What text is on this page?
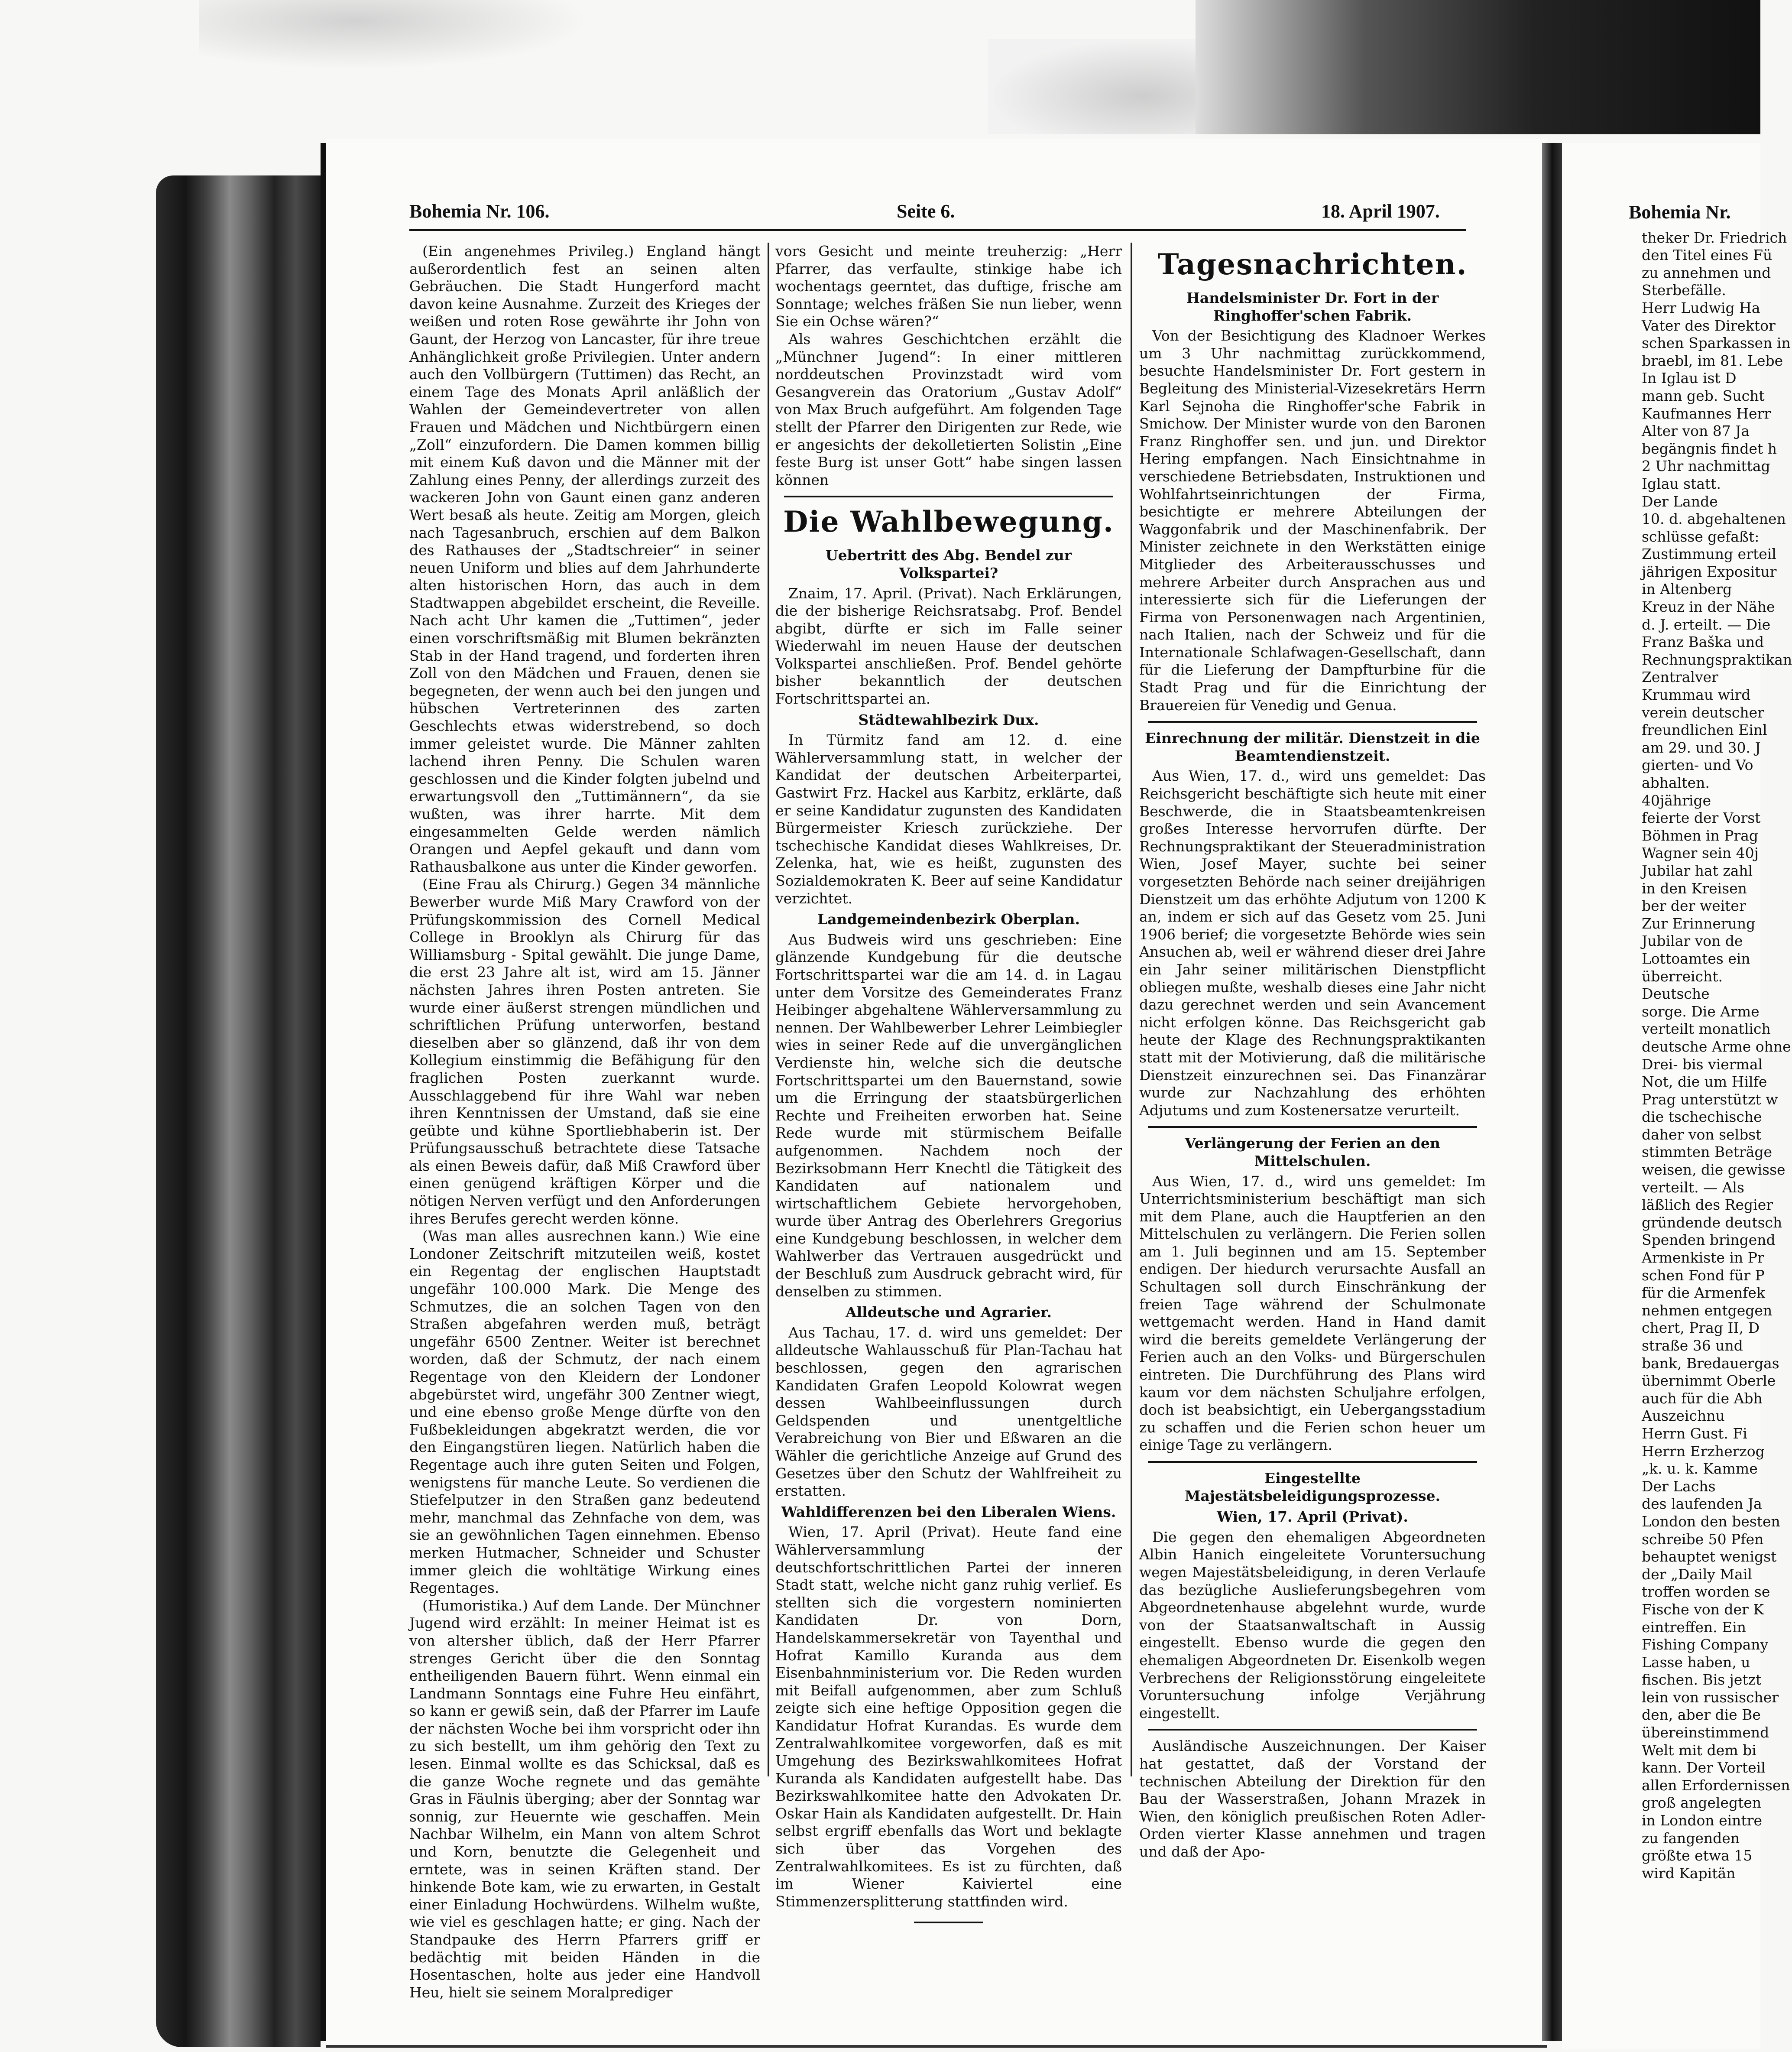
Bohemia Nr. 106.	Seite 6.	18. April 1907.

(Ein angenehmes Privileg.) England hängt außerordentlich fest an seinen alten Gebräuchen. Die Stadt Hungerford macht davon keine Ausnahme. Zurzeit des Krieges der weißen und roten Rose gewährte ihr John von Gaunt, der Herzog von Lancaster, für ihre treue Anhänglichkeit große Privilegien. Unter andern auch den Vollbürgern (Tuttimen) das Recht, an einem Tage des Monats April anläßlich der Wahlen der Gemeindevertreter von allen Frauen und Mädchen und Nichtbürgern einen „Zoll“ einzufordern. Die Damen kommen billig mit einem Kuß davon und die Männer mit der Zahlung eines Penny, der allerdings zurzeit des wackeren John von Gaunt einen ganz anderen Wert besaß als heute. Zeitig am Morgen, gleich nach Tagesanbruch, erschien auf dem Balkon des Rathauses der „Stadtschreier“ in seiner neuen Uniform und blies auf dem Jahrhunderte alten historischen Horn, das auch in dem Stadtwappen abgebildet erscheint, die Reveille. Nach acht Uhr kamen die „Tuttimen“, jeder einen vorschriftsmäßig mit Blumen bekränzten Stab in der Hand tragend, und forderten ihren Zoll von den Mädchen und Frauen, denen sie begegneten, der wenn auch bei den jungen und hübschen Vertreterinnen des zarten Geschlechts etwas widerstrebend, so doch immer geleistet wurde. Die Männer zahlten lachend ihren Penny. Die Schulen waren geschlossen und die Kinder folgten jubelnd und erwartungsvoll den „Tuttimännern“, da sie wußten, was ihrer harrte. Mit dem eingesammelten Gelde werden nämlich Orangen und Aepfel gekauft und dann vom Rathausbalkone aus unter die Kinder geworfen.

(Eine Frau als Chirurg.) Gegen 34 männliche Bewerber wurde Miß Mary Crawford von der Prüfungskommission des Cornell Medical College in Brooklyn als Chirurg für das Williamsburg - Spital gewählt. Die junge Dame, die erst 23 Jahre alt ist, wird am 15. Jänner nächsten Jahres ihren Posten antreten. Sie wurde einer äußerst strengen mündlichen und schriftlichen Prüfung unterworfen, bestand dieselben aber so glänzend, daß ihr von dem Kollegium einstimmig die Befähigung für den fraglichen Posten zuerkannt wurde. Ausschlaggebend für ihre Wahl war neben ihren Kenntnissen der Umstand, daß sie eine geübte und kühne Sportliebhaberin ist. Der Prüfungsausschuß betrachtete diese Tatsache als einen Beweis dafür, daß Miß Crawford über einen genügend kräftigen Körper und die nötigen Nerven verfügt und den Anforderungen ihres Berufes gerecht werden könne.

(Was man alles ausrechnen kann.) Wie eine Londoner Zeitschrift mitzuteilen weiß, kostet ein Regentag der englischen Hauptstadt ungefähr 100.000 Mark. Die Menge des Schmutzes, die an solchen Tagen von den Straßen abgefahren werden muß, beträgt ungefähr 6500 Zentner. Weiter ist berechnet worden, daß der Schmutz, der nach einem Regentage von den Kleidern der Londoner abgebürstet wird, ungefähr 300 Zentner wiegt, und eine ebenso große Menge dürfte von den Fußbekleidungen abgekratzt werden, die vor den Eingangstüren liegen. Natürlich haben die Regentage auch ihre guten Seiten und Folgen, wenigstens für manche Leute. So verdienen die Stiefelputzer in den Straßen ganz bedeutend mehr, manchmal das Zehnfache von dem, was sie an gewöhnlichen Tagen einnehmen. Ebenso merken Hutmacher, Schneider und Schuster immer gleich die wohltätige Wirkung eines Regentages.

(Humoristika.) Auf dem Lande. Der Münchner Jugend wird erzählt: In meiner Heimat ist es von altersher üblich, daß der Herr Pfarrer strenges Gericht über die den Sonntag entheiligenden Bauern führt. Wenn einmal ein Landmann Sonntags eine Fuhre Heu einfährt, so kann er gewiß sein, daß der Pfarrer im Laufe der nächsten Woche bei ihm vorspricht oder ihn zu sich bestellt, um ihm gehörig den Text zu lesen. Einmal wollte es das Schicksal, daß es die ganze Woche regnete und das gemähte Gras in Fäulnis überging; aber der Sonntag war sonnig, zur Heuernte wie geschaffen. Mein Nachbar Wilhelm, ein Mann von altem Schrot und Korn, benutzte die Gelegenheit und erntete, was in seinen Kräften stand. Der hinkende Bote kam, wie zu erwarten, in Gestalt einer Einladung Hochwürdens. Wilhelm wußte, wie viel es geschlagen hatte; er ging. Nach der Standpauke des Herrn Pfarrers griff er bedächtig mit beiden Händen in die Hosentaschen, holte aus jeder eine Handvoll Heu, hielt sie seinem Moralprediger

vors Gesicht und meinte treuherzig: „Herr Pfarrer, das verfaulte, stinkige habe ich wochentags geerntet, das duftige, frische am Sonntage; welches fräßen Sie nun lieber, wenn Sie ein Ochse wären?“

Als wahres Geschichtchen erzählt die „Münchner Jugend“: In einer mittleren norddeutschen Provinzstadt wird vom Gesangverein das Oratorium „Gustav Adolf“ von Max Bruch aufgeführt. Am folgenden Tage stellt der Pfarrer den Dirigenten zur Rede, wie er angesichts der dekolletierten Solistin „Eine feste Burg ist unser Gott“ habe singen lassen können

Die Wahlbewegung.
Uebertritt des Abg. Bendel zur Volkspartei?

Znaim, 17. April. (Privat). Nach Erklärungen, die der bisherige Reichsratsabg. Prof. Bendel abgibt, dürfte er sich im Falle seiner Wiederwahl im neuen Hause der deutschen Volkspartei anschließen. Prof. Bendel gehörte bisher bekanntlich der deutschen Fortschrittspartei an.

Städtewahlbezirk Dux.

In Türmitz fand am 12. d. eine Wählerversammlung statt, in welcher der Kandidat der deutschen Arbeiterpartei, Gastwirt Frz. Hackel aus Karbitz, erklärte, daß er seine Kandidatur zugunsten des Kandidaten Bürgermeister Kriesch zurückziehe. Der tschechische Kandidat dieses Wahlkreises, Dr. Zelenka, hat, wie es heißt, zugunsten des Sozialdemokraten K. Beer auf seine Kandidatur verzichtet.

Landgemeindenbezirk Oberplan.

Aus Budweis wird uns geschrieben: Eine glänzende Kundgebung für die deutsche Fortschrittspartei war die am 14. d. in Lagau unter dem Vorsitze des Gemeinderates Franz Heibinger abgehaltene Wählerversammlung zu nennen. Der Wahlbewerber Lehrer Leimbiegler wies in seiner Rede auf die unvergänglichen Verdienste hin, welche sich die deutsche Fortschrittspartei um den Bauernstand, sowie um die Erringung der staatsbürgerlichen Rechte und Freiheiten erworben hat. Seine Rede wurde mit stürmischem Beifalle aufgenommen. Nachdem noch der Bezirksobmann Herr Knechtl die Tätigkeit des Kandidaten auf nationalem und wirtschaftlichem Gebiete hervorgehoben, wurde über Antrag des Oberlehrers Gregorius eine Kundgebung beschlossen, in welcher dem Wahlwerber das Vertrauen ausgedrückt und der Beschluß zum Ausdruck gebracht wird, für denselben zu stimmen.

Alldeutsche und Agrarier.

Aus Tachau, 17. d. wird uns gemeldet: Der alldeutsche Wahlausschuß für Plan-Tachau hat beschlossen, gegen den agrarischen Kandidaten Grafen Leopold Kolowrat wegen dessen Wahlbeeinflussungen durch Geldspenden und unentgeltliche Verabreichung von Bier und Eßwaren an die Wähler die gerichtliche Anzeige auf Grund des Gesetzes über den Schutz der Wahlfreiheit zu erstatten.

Wahldifferenzen bei den Liberalen Wiens.

Wien, 17. April (Privat). Heute fand eine Wählerversammlung der deutschfortschrittlichen Partei der inneren Stadt statt, welche nicht ganz ruhig verlief. Es stellten sich die vorgestern nominierten Kandidaten Dr. von Dorn, Handelskammersekretär von Tayenthal und Hofrat Kamillo Kuranda aus dem Eisenbahnministerium vor. Die Reden wurden mit Beifall aufgenommen, aber zum Schluß zeigte sich eine heftige Opposition gegen die Kandidatur Hofrat Kurandas. Es wurde dem Zentralwahlkomitee vorgeworfen, daß es mit Umgehung des Bezirkswahlkomitees Hofrat Kuranda als Kandidaten aufgestellt habe. Das Bezirkswahlkomitee hatte den Advokaten Dr. Oskar Hain als Kandidaten aufgestellt. Dr. Hain selbst ergriff ebenfalls das Wort und beklagte sich über das Vorgehen des Zentralwahlkomitees. Es ist zu fürchten, daß im Wiener Kaiviertel eine Stimmenzersplitterung stattfinden wird.

Tagesnachrichten.
Handelsminister Dr. Fort in der Ringhoffer'schen Fabrik.

Von der Besichtigung des Kladnoer Werkes um 3 Uhr nachmittag zurückkommend, besuchte Handelsminister Dr. Fort gestern in Begleitung des Ministerial-Vizesekretärs Herrn Karl Sejnoha die Ringhoffer'sche Fabrik in Smichow. Der Minister wurde von den Baronen Franz Ringhoffer sen. und jun. und Direktor Hering empfangen. Nach Einsichtnahme in verschiedene Betriebsdaten, Instruktionen und Wohlfahrtseinrichtungen der Firma, besichtigte er mehrere Abteilungen der Waggonfabrik und der Maschinenfabrik. Der Minister zeichnete in den Werkstätten einige Mitglieder des Arbeiterausschusses und mehrere Arbeiter durch Ansprachen aus und interessierte sich für die Lieferungen der Firma von Personenwagen nach Argentinien, nach Italien, nach der Schweiz und für die Internationale Schlafwagen-Gesellschaft, dann für die Lieferung der Dampfturbine für die Stadt Prag und für die Einrichtung der Brauereien für Venedig und Genua.

Einrechnung der militär. Dienstzeit in die Beamtendienstzeit.

Aus Wien, 17. d., wird uns gemeldet: Das Reichsgericht beschäftigte sich heute mit einer Beschwerde, die in Staatsbeamtenkreisen großes Interesse hervorrufen dürfte. Der Rechnungspraktikant der Steueradministration Wien, Josef Mayer, suchte bei seiner vorgesetzten Behörde nach seiner dreijährigen Dienstzeit um das erhöhte Adjutum von 1200 K an, indem er sich auf das Gesetz vom 25. Juni 1906 berief; die vorgesetzte Behörde wies sein Ansuchen ab, weil er während dieser drei Jahre ein Jahr seiner militärischen Dienstpflicht obliegen mußte, weshalb dieses eine Jahr nicht dazu gerechnet werden und sein Avancement nicht erfolgen könne. Das Reichsgericht gab heute der Klage des Rechnungspraktikanten statt mit der Motivierung, daß die militärische Dienstzeit einzurechnen sei. Das Finanzärar wurde zur Nachzahlung des erhöhten Adjutums und zum Kostenersatze verurteilt.

Verlängerung der Ferien an den Mittelschulen.

Aus Wien, 17. d., wird uns gemeldet: Im Unterrichtsministerium beschäftigt man sich mit dem Plane, auch die Hauptferien an den Mittelschulen zu verlängern. Die Ferien sollen am 1. Juli beginnen und am 15. September endigen. Der hiedurch verursachte Ausfall an Schultagen soll durch Einschränkung der freien Tage während der Schulmonate wettgemacht werden. Hand in Hand damit wird die bereits gemeldete Verlängerung der Ferien auch an den Volks- und Bürgerschulen eintreten. Die Durchführung des Plans wird kaum vor dem nächsten Schuljahre erfolgen, doch ist beabsichtigt, ein Uebergangsstadium zu schaffen und die Ferien schon heuer um einige Tage zu verlängern.

Eingestellte Majestätsbeleidigungsprozesse.
Wien, 17. April (Privat).

Die gegen den ehemaligen Abgeordneten Albin Hanich eingeleitete Voruntersuchung wegen Majestätsbeleidigung, in deren Verlaufe das bezügliche Auslieferungsbegehren vom Abgeordnetenhause abgelehnt wurde, wurde von der Staatsanwaltschaft in Aussig eingestellt. Ebenso wurde die gegen den ehemaligen Abgeordneten Dr. Eisenkolb wegen Verbrechens der Religionsstörung eingeleitete Voruntersuchung infolge Verjährung eingestellt.

Ausländische Auszeichnungen. Der Kaiser hat gestattet, daß der Vorstand der technischen Abteilung der Direktion für den Bau der Wasserstraßen, Johann Mrazek in Wien, den königlich preußischen Roten Adler-Orden vierter Klasse annehmen und tragen und daß der Apo-

Bohemia Nr.

theker Dr. Friedrich

den Titel eines Fü

zu annehmen und

Sterbefälle.

Herr Ludwig Ha

Vater des Direktor

schen Sparkassen in

braebl, im 81. Lebe

In Iglau ist D

mann geb. Sucht

Kaufmannes Herr

Alter von 87 Ja

begängnis findet h

2 Uhr nachmittag

Iglau statt.

Der Lande

10. d. abgehaltenen

schlüsse gefaßt:

Zustimmung erteil

jährigen Expositur

in Altenberg

Kreuz in der Nähe

d. J. erteilt. — Die

Franz Baška und

Rechnungspraktikan

Zentralver

Krummau wird

verein deutscher

freundlichen Einl

am 29. und 30. J

gierten- und Vo

abhalten.

40jährige

feierte der Vorst

Böhmen in Prag

Wagner sein 40j

Jubilar hat zahl

in den Kreisen

ber der weiter

Zur Erinnerung

Jubilar von de

Lottoamtes ein

überreicht.

Deutsche

sorge. Die Arme

verteilt monatlich

deutsche Arme ohne

Drei- bis viermal

Not, die um Hilfe

Prag unterstützt w

die tschechische

daher von selbst

stimmten Beträge

weisen, die gewisse

verteilt. — Als

läßlich des Regier

gründende deutsch

Spenden bringend

Armenkiste in Pr

schen Fond für P

für die Armenfek

nehmen entgegen

chert, Prag II, D

straße 36 und

bank, Bredauergas

übernimmt Oberle

auch für die Abh

Auszeichnu

Herrn Gust. Fi

Herrn Erzherzog

„k. u. k. Kamme

Der Lachs

des laufenden Ja

London den besten

schreibe 50 Pfen

behauptet wenigst

der „Daily Mail

troffen worden se

Fische von der K

eintreffen. Ein

Fishing Company

Lasse haben, u

fischen. Bis jetzt

lein von russischer

den, aber die Be

übereinstimmend

Welt mit dem bi

kann. Der Vorteil

allen Erfordernissen

groß angelegten

in London eintre

zu fangenden

größte etwa 15

wird Kapitän
